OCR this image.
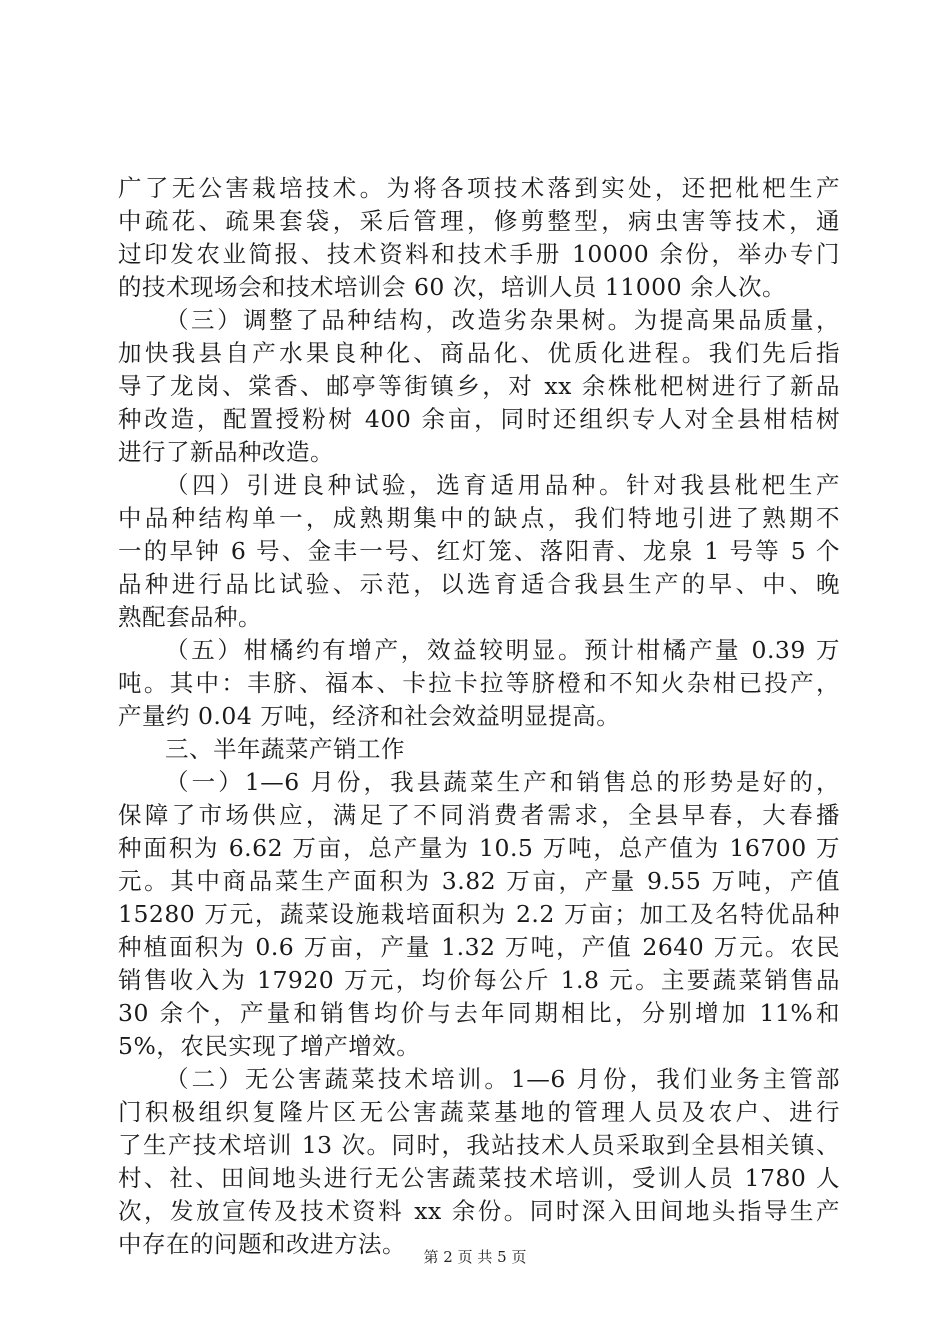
广了无公害栽培技术。为将各项技术落到实处，还把枇杷生产
中疏花、疏果套袋，采后管理，修剪整型，病虫害等技术，通
过印发农业简报、技术资料和技术手册 10000 余份，举办专门
的技术现场会和技术培训会 60 次，培训人员 11000 余人次。
（三）调整了品种结构，改造劣杂果树。为提高果品质量，
加快我县自产水果良种化、商品化、优质化进程。我们先后指
导了龙岗、棠香、邮亭等街镇乡，对 xx 余株枇杷树进行了新品
种改造，配置授粉树 400 余亩，同时还组织专人对全县柑桔树
进行了新品种改造。
（四）引进良种试验，选育适用品种。针对我县枇杷生产
中品种结构单一，成熟期集中的缺点，我们特地引进了熟期不
一的早钟 6 号、金丰一号、红灯笼、落阳青、龙泉 1 号等 5 个
品种进行品比试验、示范，以选育适合我县生产的早、中、晚
熟配套品种。
（五）柑橘约有增产，效益较明显。预计柑橘产量 0.39 万
吨。其中：丰脐、福本、卡拉卡拉等脐橙和不知火杂柑已投产，
产量约 0.04 万吨，经济和社会效益明显提高。
三、半年蔬菜产销工作
（一）1—6 月份，我县蔬菜生产和销售总的形势是好的，
保障了市场供应，满足了不同消费者需求，全县早春，大春播
种面积为 6.62 万亩，总产量为 10.5 万吨，总产值为 16700 万
元。其中商品菜生产面积为 3.82 万亩，产量 9.55 万吨，产值
15280 万元，蔬菜设施栽培面积为 2.2 万亩；加工及名特优品种
种植面积为 0.6 万亩，产量 1.32 万吨，产值 2640 万元。农民
销售收入为 17920 万元，均价每公斤 1.8 元。主要蔬菜销售品
30 余个，产量和销售均价与去年同期相比，分别增加 11%和
5%，农民实现了增产增效。
（二）无公害蔬菜技术培训。1—6 月份，我们业务主管部
门积极组织复隆片区无公害蔬菜基地的管理人员及农户、进行
了生产技术培训 13 次。同时，我站技术人员采取到全县相关镇、
村、社、田间地头进行无公害蔬菜技术培训，受训人员 1780 人
次，发放宣传及技术资料 xx 余份。同时深入田间地头指导生产
中存在的问题和改进方法。	第 2 页 共 5 页
